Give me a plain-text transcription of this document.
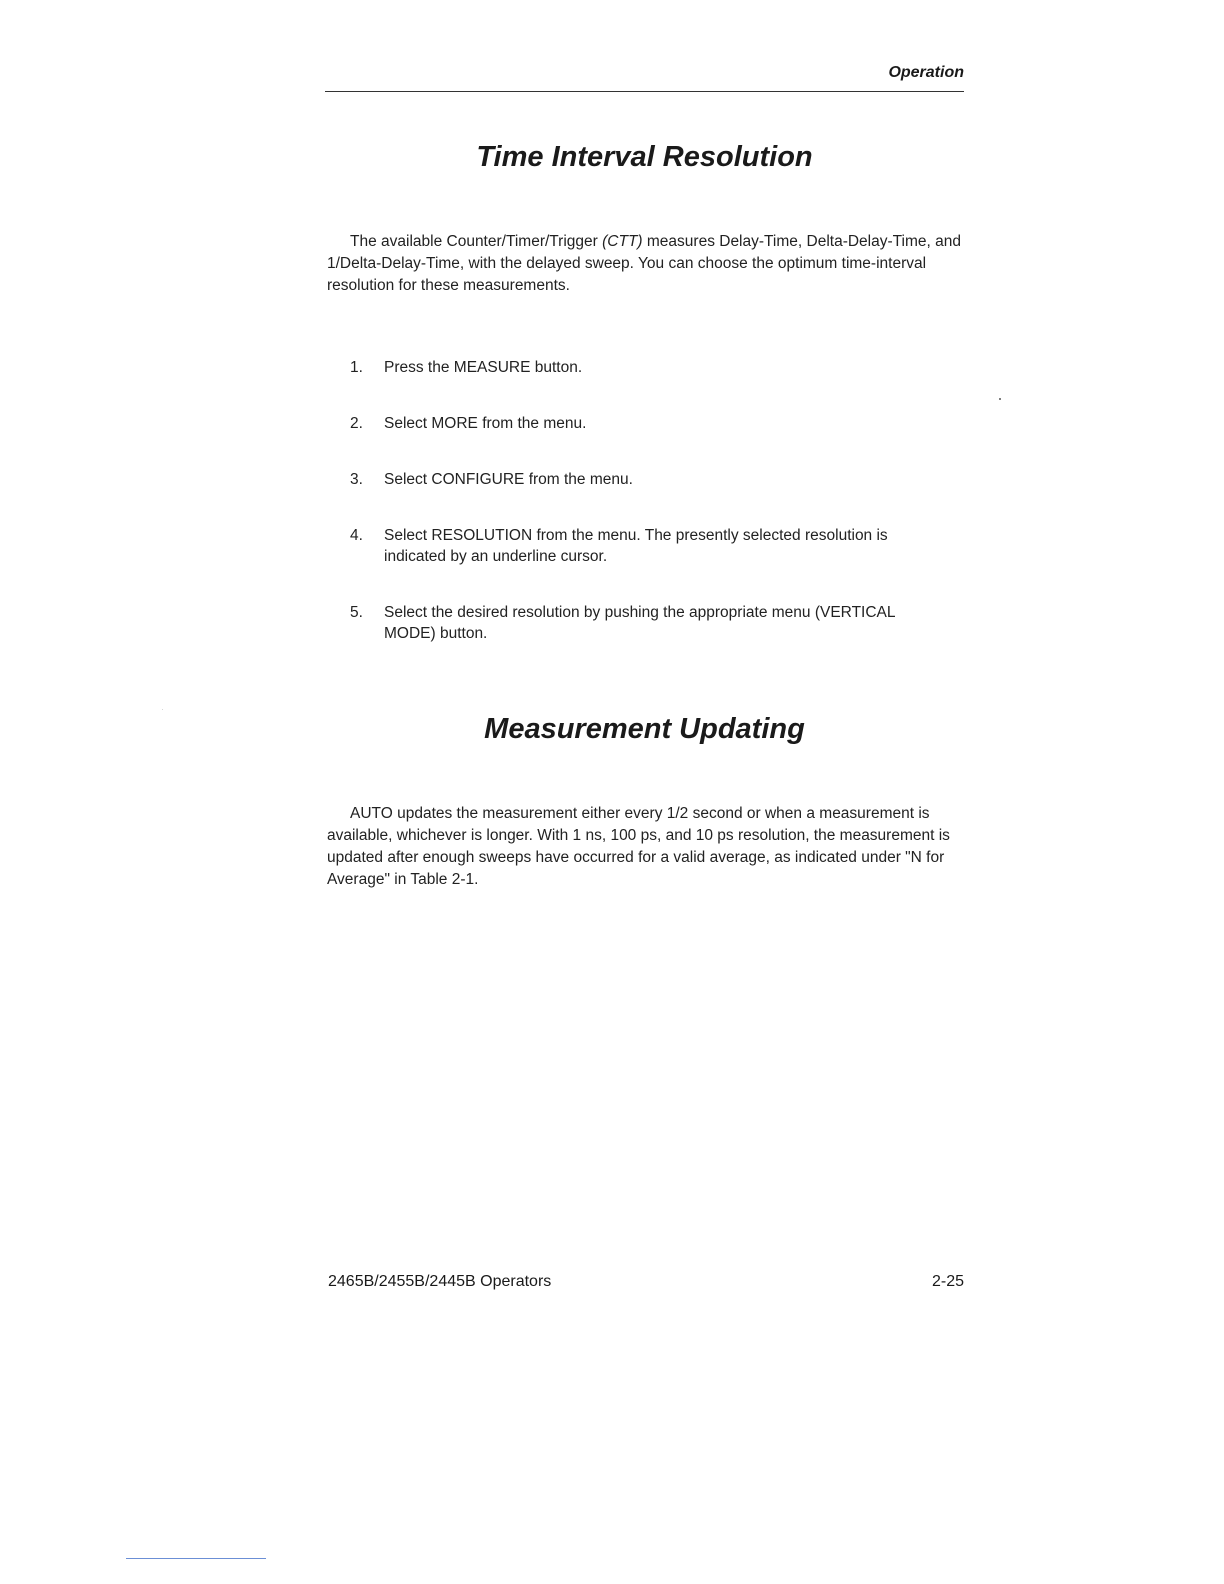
Operation
Time Interval Resolution

The available Counter/Timer/Trigger (CTT) measures Delay-Time, Delta-Delay-Time, and 1/Delta-Delay-Time, with the delayed sweep. You can choose the optimum time-interval resolution for these measurements.

1. Press the MEASURE button.
2. Select MORE from the menu.
3. Select CONFIGURE from the menu.
4. Select RESOLUTION from the menu. The presently selected resolution is indicated by an underline cursor.
5. Select the desired resolution by pushing the appropriate menu (VERTICAL MODE) button.
Measurement Updating

AUTO updates the measurement either every 1/2 second or when a measurement is available, whichever is longer. With 1 ns, 100 ps, and 10 ps resolution, the measurement is updated after enough sweeps have occurred for a valid average, as indicated under "N for Average" in Table 2-1.

2465B/2455B/2445B Operators	2-25
